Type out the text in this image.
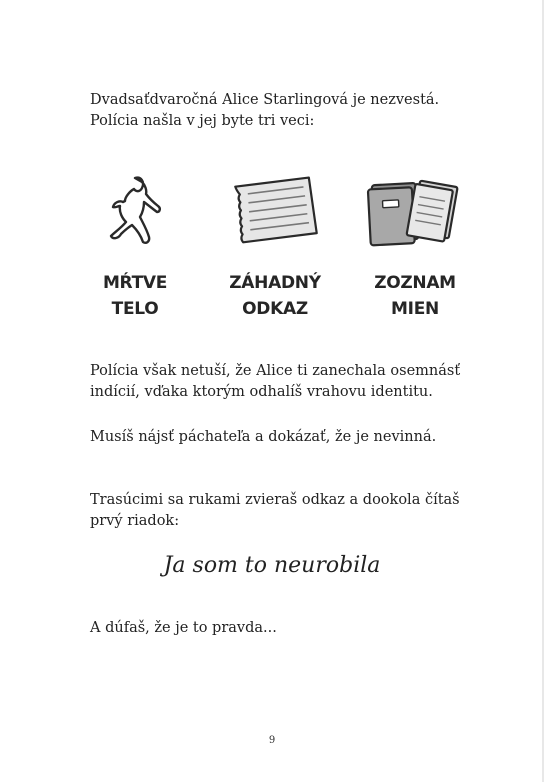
Dvadsaťdvaročná Alice Starlingová je nezvestá.
Polícia našla v jej byte tri veci:

MŔTVE
TELO
ZÁHADNÝ
ODKAZ
ZOZNAM
MIEN

Polícia však netuší, že Alice ti zanechala osemnásť
indícií, vďaka ktorým odhalíš vrahovu identitu.

Musíš nájsť páchateľa a dokázať, že je nevinná.

Trasúcimi sa rukami zvieraš odkaz a dookola čítaš
prvý riadok:

Ja som to neurobila

A dúfaš, že je to pravda...

9
